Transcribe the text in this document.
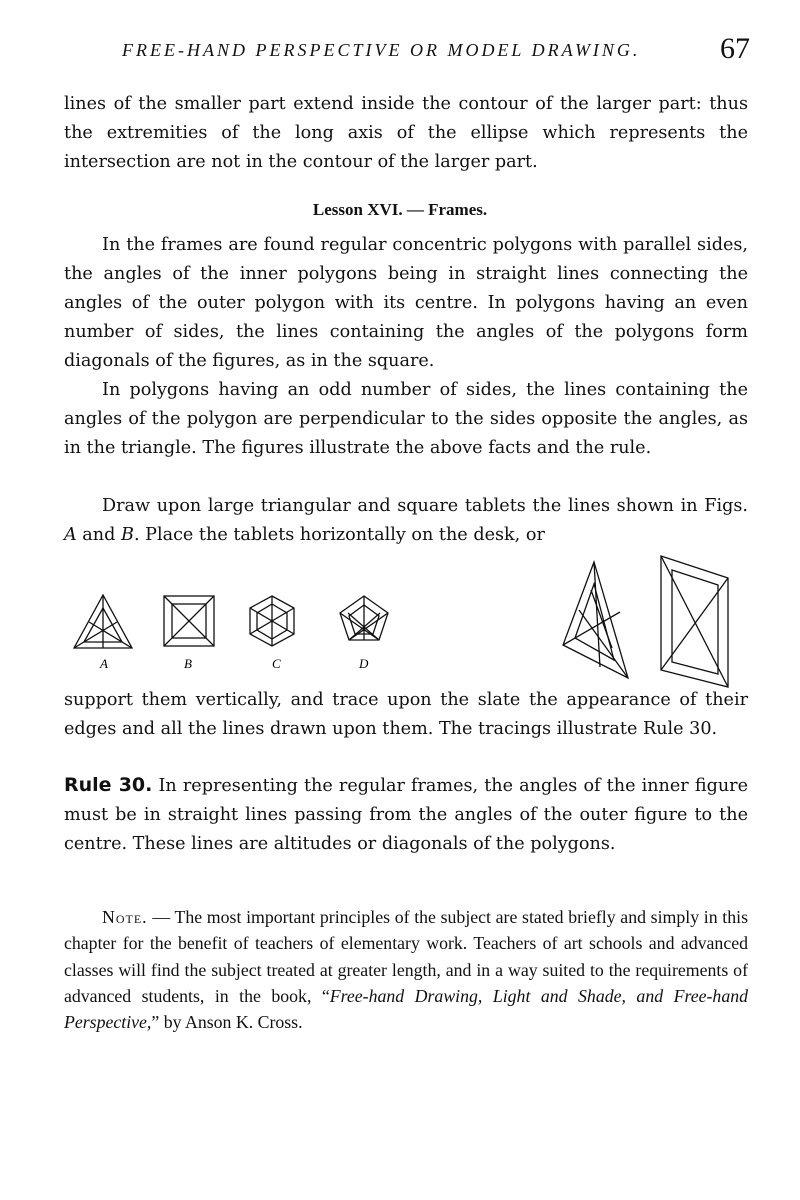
FREE-HAND PERSPECTIVE OR MODEL DRAWING.	67

lines of the smaller part extend inside the contour of the larger part: thus the extremities of the long axis of the ellipse which represents the intersection are not in the contour of the larger part.

Lesson XVI. — Frames.

In the frames are found regular concentric polygons with parallel sides, the angles of the inner polygons being in straight lines connecting the angles of the outer polygon with its centre. In polygons having an even number of sides, the lines containing the angles of the polygons form diagonals of the figures, as in the square.

In polygons having an odd number of sides, the lines containing the angles of the polygon are perpendicular to the sides opposite the angles, as in the triangle. The figures illustrate the above facts and the rule.

Draw upon large triangular and square tablets the lines shown in Figs. A and B. Place the tablets horizontally on the desk, or

A	B	C	D

support them vertically, and trace upon the slate the appearance of their edges and all the lines drawn upon them. The tracings illustrate Rule 30.

Rule 30. In representing the regular frames, the angles of the inner figure must be in straight lines passing from the angles of the outer figure to the centre. These lines are altitudes or diagonals of the polygons.

Note. — The most important principles of the subject are stated briefly and simply in this chapter for the benefit of teachers of elementary work. Teachers of art schools and advanced classes will find the subject treated at greater length, and in a way suited to the requirements of advanced students, in the book, “Free-hand Drawing, Light and Shade, and Free-hand Perspective,” by Anson K. Cross.
